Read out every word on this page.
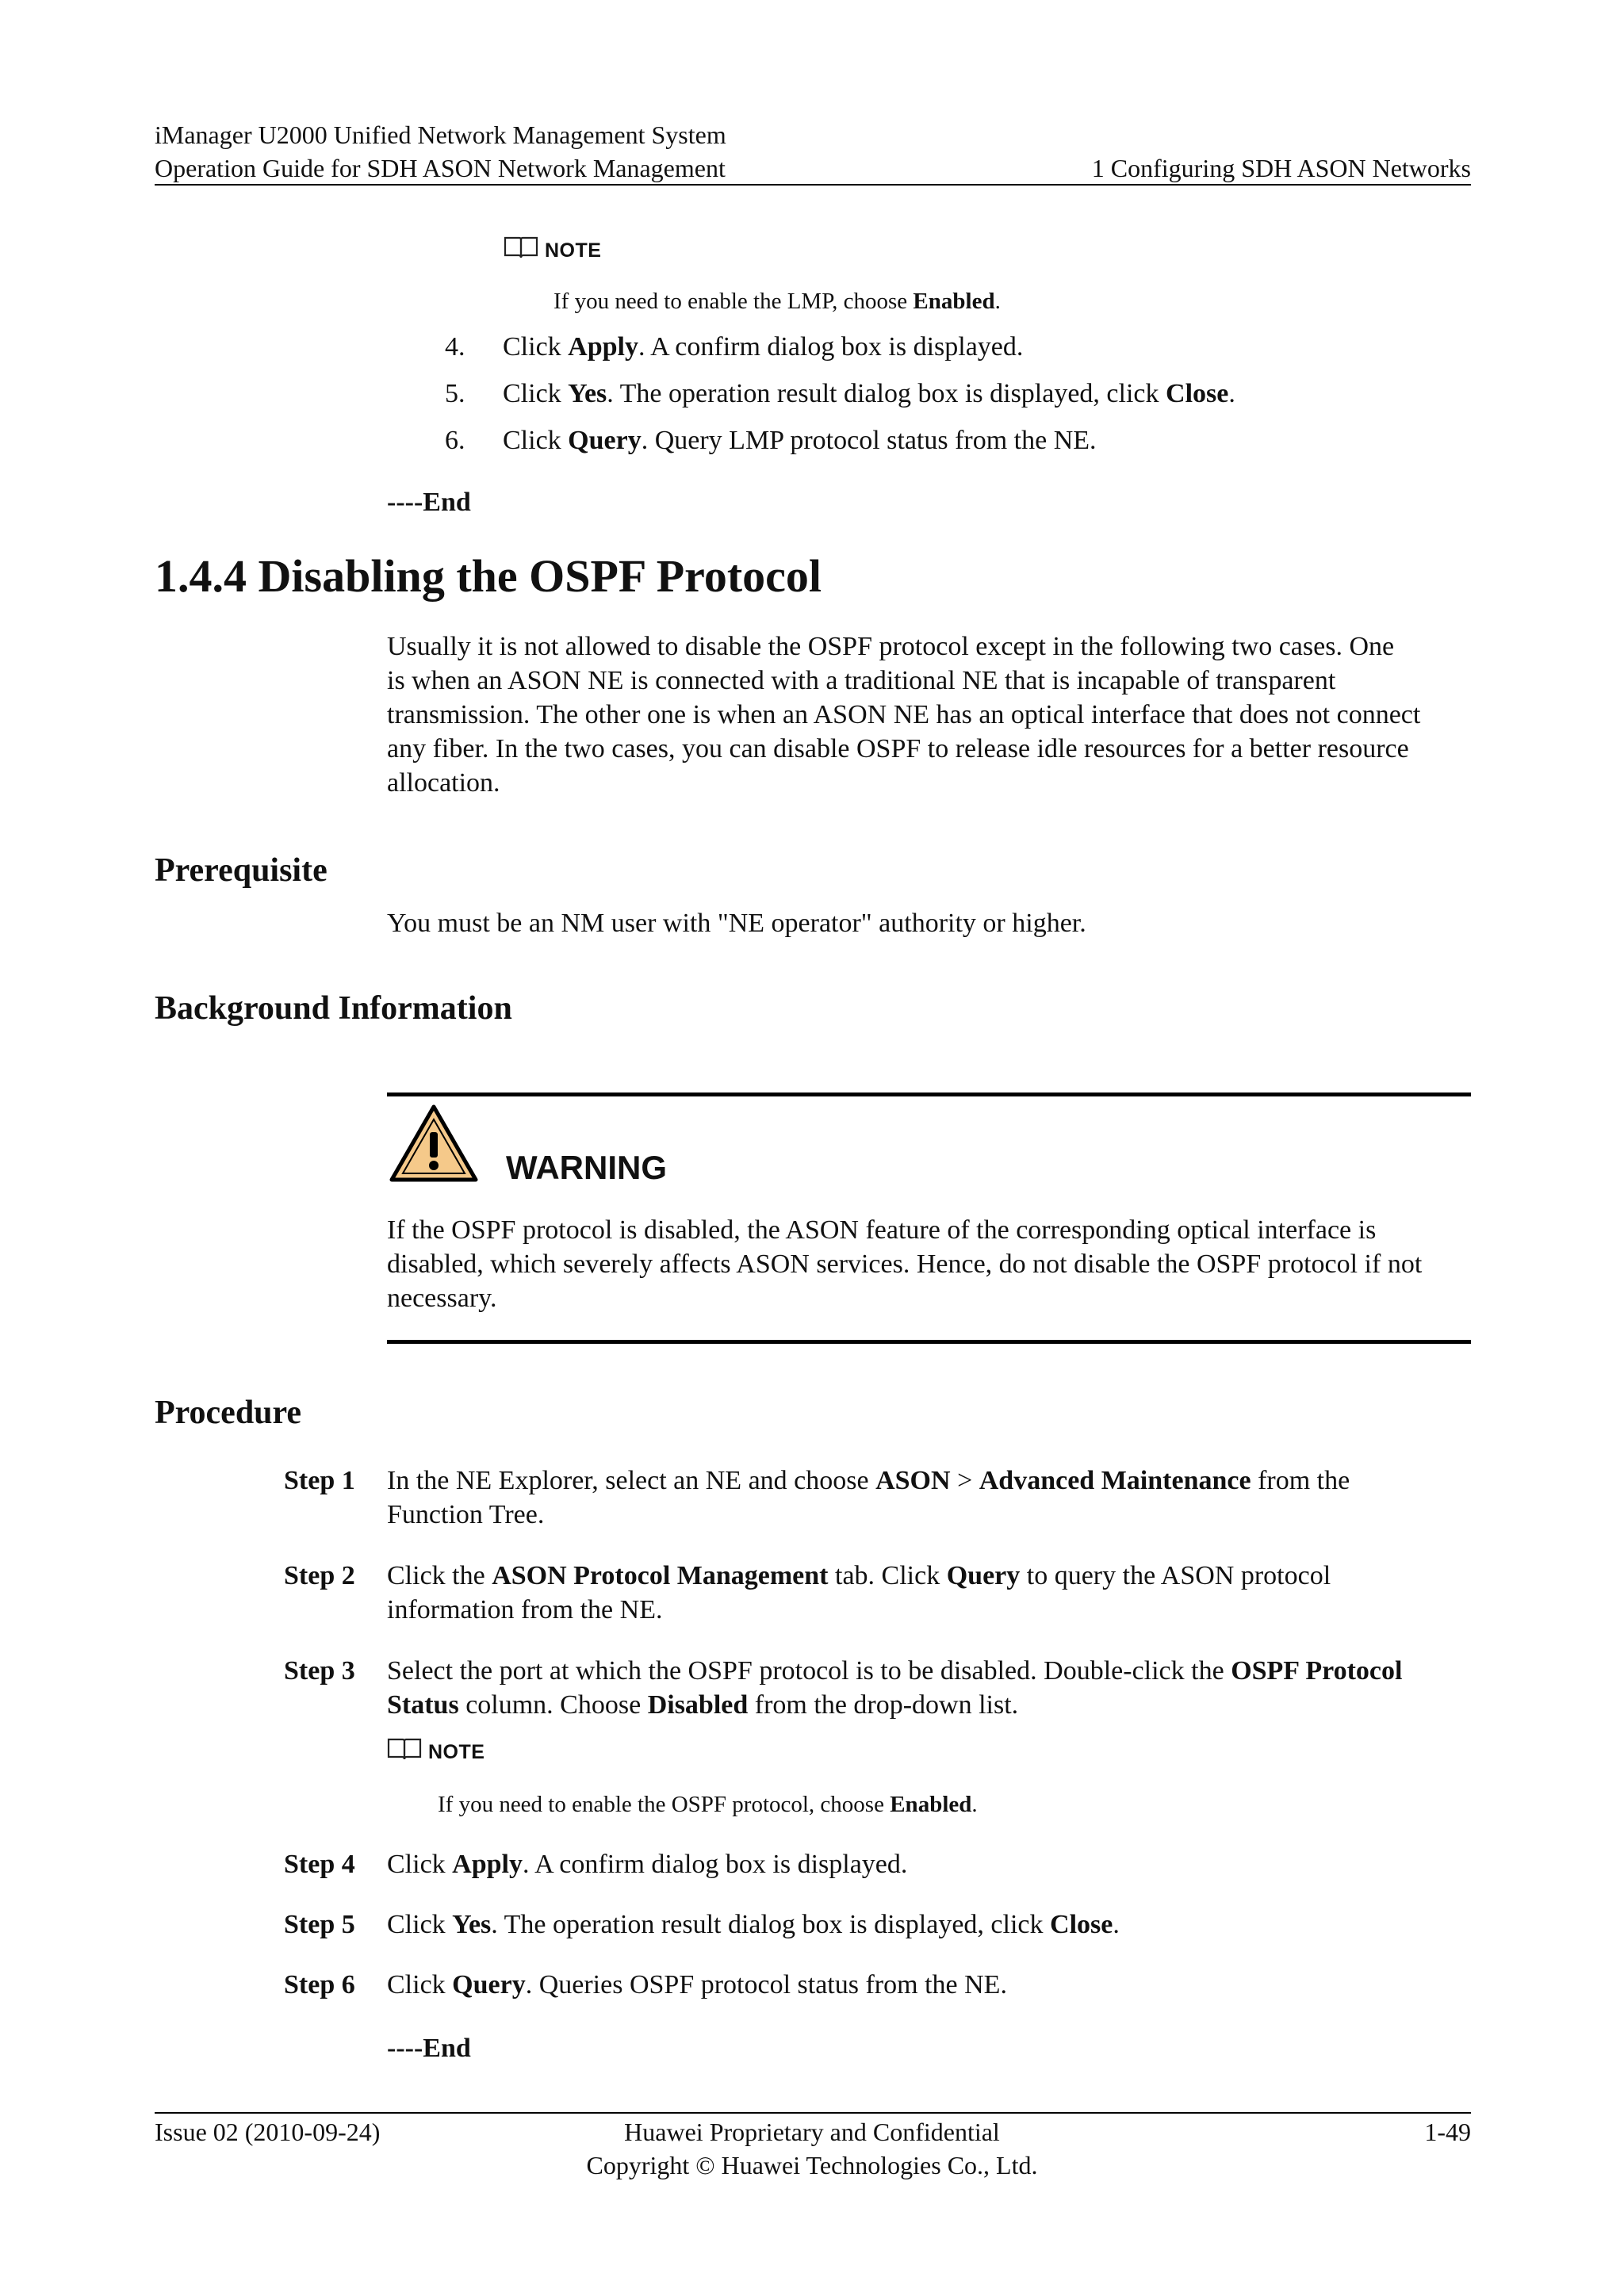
iManager U2000 Unified Network Management System
Operation Guide for SDH ASON Network Management	1 Configuring SDH ASON Networks
NOTE
If you need to enable the LMP, choose Enabled.
4. Click Apply. A confirm dialog box is displayed.
5. Click Yes. The operation result dialog box is displayed, click Close.
6. Click Query. Query LMP protocol status from the NE.
----End
1.4.4 Disabling the OSPF Protocol
Usually it is not allowed to disable the OSPF protocol except in the following two cases. One
is when an ASON NE is connected with a traditional NE that is incapable of transparent
transmission. The other one is when an ASON NE has an optical interface that does not connect
any fiber. In the two cases, you can disable OSPF to release idle resources for a better resource
allocation.
Prerequisite
You must be an NM user with "NE operator" authority or higher.
Background Information
WARNING
If the OSPF protocol is disabled, the ASON feature of the corresponding optical interface is
disabled, which severely affects ASON services. Hence, do not disable the OSPF protocol if not
necessary.
Procedure
Step 1 In the NE Explorer, select an NE and choose ASON > Advanced Maintenance from the
Function Tree.
Step 2 Click the ASON Protocol Management tab. Click Query to query the ASON protocol
information from the NE.
Step 3 Select the port at which the OSPF protocol is to be disabled. Double-click the OSPF Protocol
Status column. Choose Disabled from the drop-down list.
NOTE
If you need to enable the OSPF protocol, choose Enabled.
Step 4 Click Apply. A confirm dialog box is displayed.
Step 5 Click Yes. The operation result dialog box is displayed, click Close.
Step 6 Click Query. Queries OSPF protocol status from the NE.
----End
Issue 02 (2010-09-24)	Huawei Proprietary and Confidential
Copyright © Huawei Technologies Co., Ltd.
1-49
